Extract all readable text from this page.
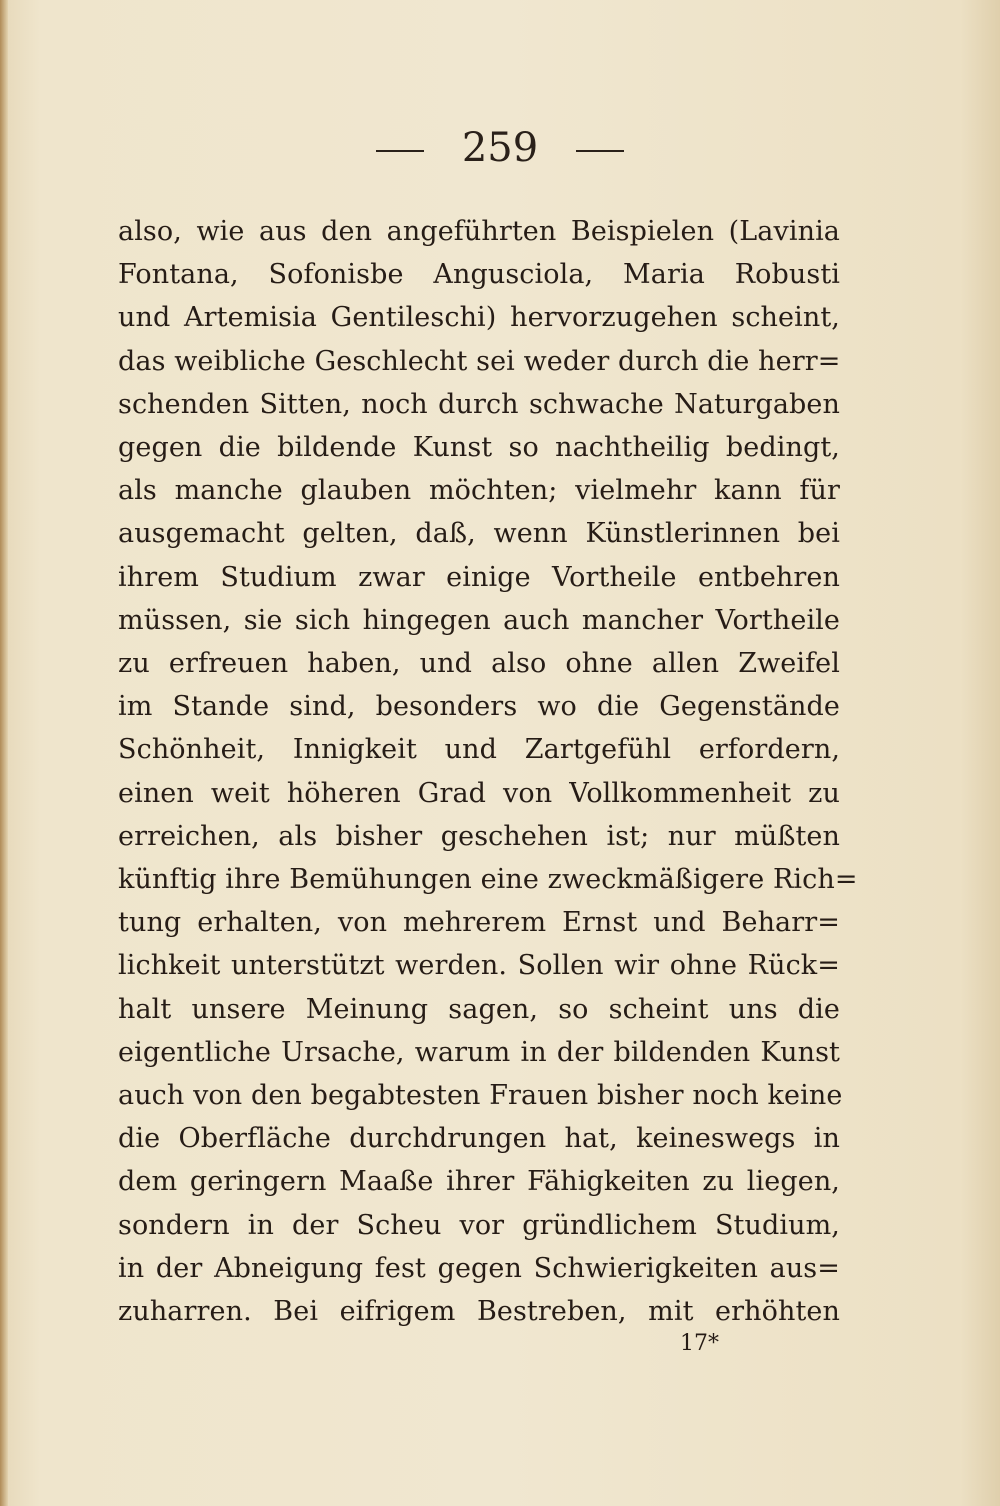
259
also, wie aus den angeführten Beispielen (Lavinia
Fontana, Sofonisbe Angusciola, Maria Robusti
und Artemisia Gentileschi) hervorzugehen scheint,
das weibliche Geschlecht sei weder durch die herr=
schenden Sitten, noch durch schwache Naturgaben
gegen die bildende Kunst so nachtheilig bedingt,
als manche glauben möchten; vielmehr kann für
ausgemacht gelten, daß, wenn Künstlerinnen bei
ihrem Studium zwar einige Vortheile entbehren
müssen, sie sich hingegen auch mancher Vortheile
zu erfreuen haben, und also ohne allen Zweifel
im Stande sind, besonders wo die Gegenstände
Schönheit, Innigkeit und Zartgefühl erfordern,
einen weit höheren Grad von Vollkommenheit zu
erreichen, als bisher geschehen ist; nur müßten
künftig ihre Bemühungen eine zweckmäßigere Rich=
tung erhalten, von mehrerem Ernst und Beharr=
lichkeit unterstützt werden. Sollen wir ohne Rück=
halt unsere Meinung sagen, so scheint uns die
eigentliche Ursache, warum in der bildenden Kunst
auch von den begabtesten Frauen bisher noch keine
die Oberfläche durchdrungen hat, keineswegs in
dem geringern Maaße ihrer Fähigkeiten zu liegen,
sondern in der Scheu vor gründlichem Studium,
in der Abneigung fest gegen Schwierigkeiten aus=
zuharren. Bei eifrigem Bestreben, mit erhöhten
17*
